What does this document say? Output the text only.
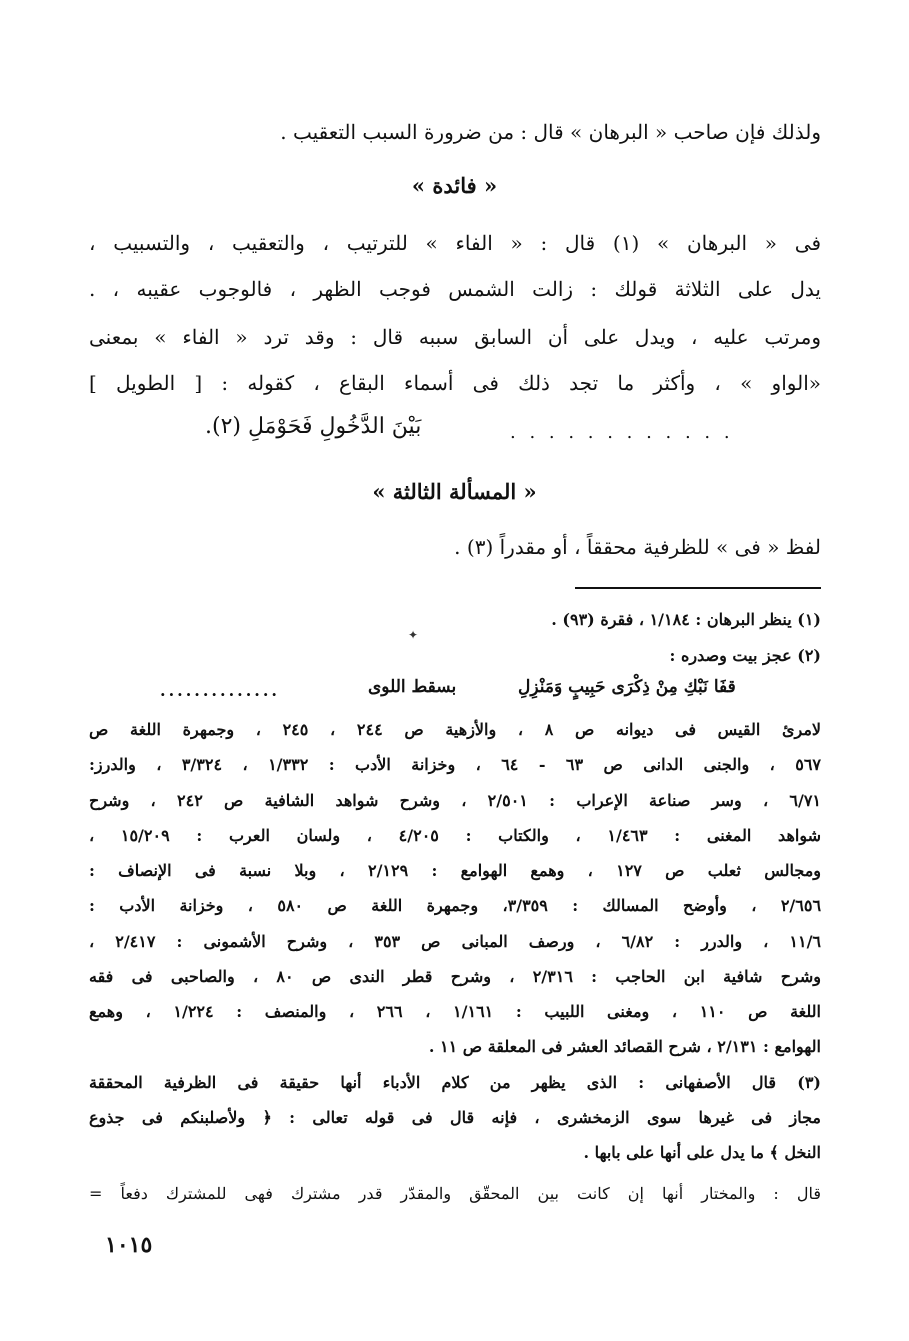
ولذلك فإن صاحب « البرهان » قال : من ضرورة السبب التعقيب .
« فائدة »
فى « البرهان » (١) قال : « الفاء » للترتيب ، والتعقيب ، والتسبيب ،
يدل على الثلاثة قولك : زالت الشمس فوجب الظهر ، فالوجوب عقيبه ، .
ومرتب عليه ، ويدل على أن السابق سببه قال : وقد ترد « الفاء » بمعنى
«الواو » ، وأكثر ما تجد ذلك فى أسماء البقاع ، كقوله : [ الطويل ]
. . . . . . . . . . . .
بَيْنَ الدَّخُولِ فَحَوْمَلِ (٢).
« المسألة الثالثة »
لفظ « فى » للظرفية محققاً ، أو مقدراً (٣) .
(١) ينظر البرهان : ١/١٨٤ ، فقرة (٩٣) .
(٢) عجز بيت وصدره :
..............	بسقط اللوى	قفَا نَبْكِ مِنْ ذِكْرَى حَبِيبٍ وَمَنْزِلِ
لامرئ القيس فى ديوانه ص ٨ ، والأزهية ص ٢٤٤ ، ٢٤٥ ، وجمهرة اللغة ص
٥٦٧ ، والجنى الدانى ص ٦٣ - ٦٤ ، وخزانة الأدب : ١/٣٣٢ ، ٣/٣٢٤ ، والدرز:
٦/٧١ ، وسر صناعة الإعراب : ٢/٥٠١ ، وشرح شواهد الشافية ص ٢٤٢ ، وشرح
شواهد المغنى : ١/٤٦٣ ، والكتاب : ٤/٢٠٥ ، ولسان العرب : ١٥/٢٠٩ ،
ومجالس ثعلب ص ١٢٧ ، وهمع الهوامع : ٢/١٢٩ ، وبلا نسبة فى الإنصاف :
٢/٦٥٦ ، وأوضح المسالك : ٣/٣٥٩، وجمهرة اللغة ص ٥٨٠ ، وخزانة الأدب :
١١/٦ ، والدرر : ٦/٨٢ ، ورصف المبانى ص ٣٥٣ ، وشرح الأشمونى : ٢/٤١٧ ،
وشرح شافية ابن الحاجب : ٢/٣١٦ ، وشرح قطر الندى ص ٨٠ ، والصاحبى فى فقه
اللغة ص ١١٠ ، ومغنى اللبيب : ١/١٦١ ، ٢٦٦ ، والمنصف : ١/٢٢٤ ، وهمع
الهوامع : ٢/١٣١ ، شرح القصائد العشر فى المعلقة ص ١١ .
(٣) قال الأصفهانى : الذى يظهر من كلام الأدباء أنها حقيقة فى الظرفية المحققة
مجاز فى غيرها سوى الزمخشرى ، فإنه قال فى قوله تعالى : ﴿ ولأصلبنكم فى جذوع
النخل ﴾ ما يدل على أنها على بابها .
قال : والمختار أنها إن كانت بين المحقّق والمقدّر قدر مشترك فهى للمشترك دفعاً =
١٠١٥
✦
